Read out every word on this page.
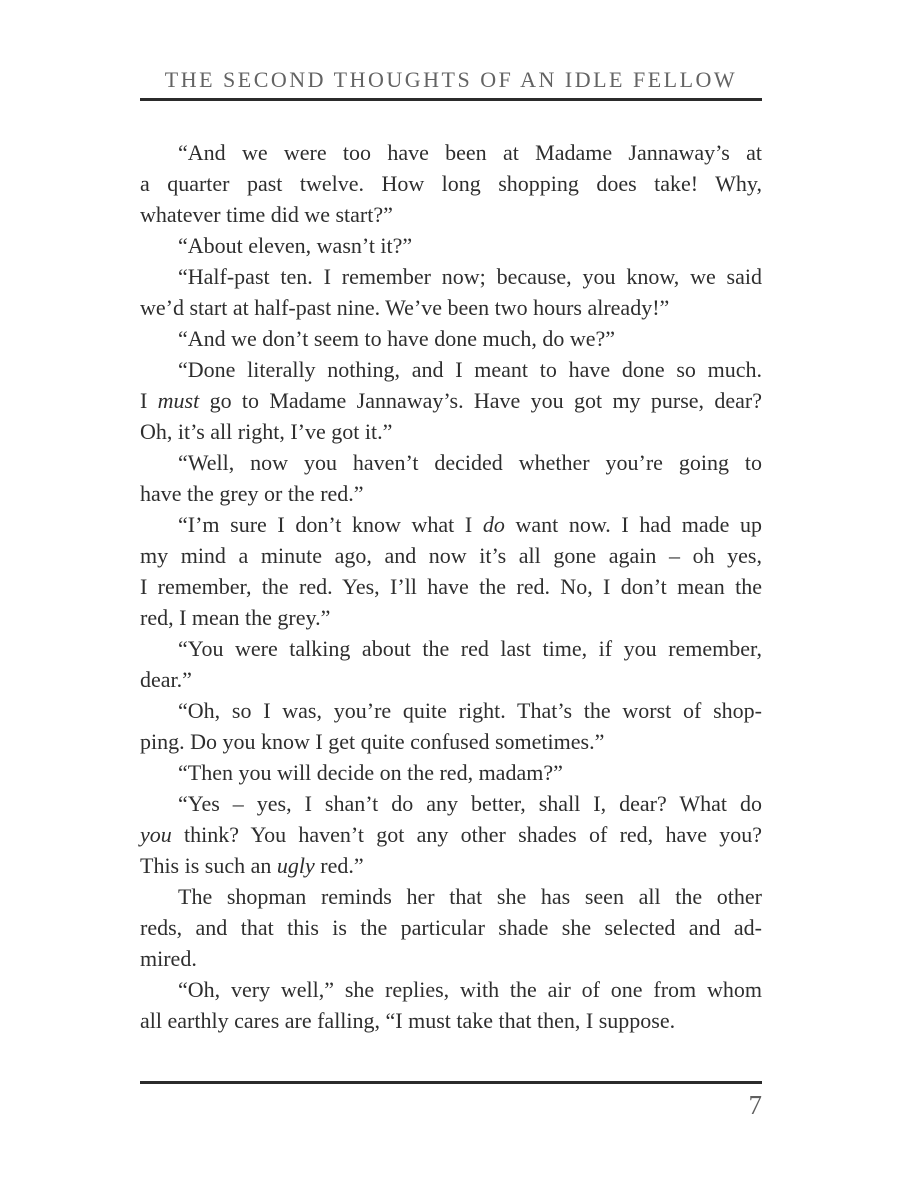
THE SECOND THOUGHTS OF AN IDLE FELLOW
“And we were too have been at Madame Jannaway’s at
a quarter past twelve. How long shopping does take! Why,
whatever time did we start?”
“About eleven, wasn’t it?”
“Half-past ten. I remember now; because, you know, we said
we’d start at half-past nine. We’ve been two hours already!”
“And we don’t seem to have done much, do we?”
“Done literally nothing, and I meant to have done so much.
I must go to Madame Jannaway’s. Have you got my purse, dear?
Oh, it’s all right, I’ve got it.”
“Well, now you haven’t decided whether you’re going to
have the grey or the red.”
“I’m sure I don’t know what I do want now. I had made up
my mind a minute ago, and now it’s all gone again – oh yes,
I remember, the red. Yes, I’ll have the red. No, I don’t mean the
red, I mean the grey.”
“You were talking about the red last time, if you remember,
dear.”
“Oh, so I was, you’re quite right. That’s the worst of shop-
ping. Do you know I get quite confused sometimes.”
“Then you will decide on the red, madam?”
“Yes – yes, I shan’t do any better, shall I, dear? What do
you think? You haven’t got any other shades of red, have you?
This is such an ugly red.”
The shopman reminds her that she has seen all the other
reds, and that this is the particular shade she selected and ad-
mired.
“Oh, very well,” she replies, with the air of one from whom
all earthly cares are falling, “I must take that then, I suppose.
7
